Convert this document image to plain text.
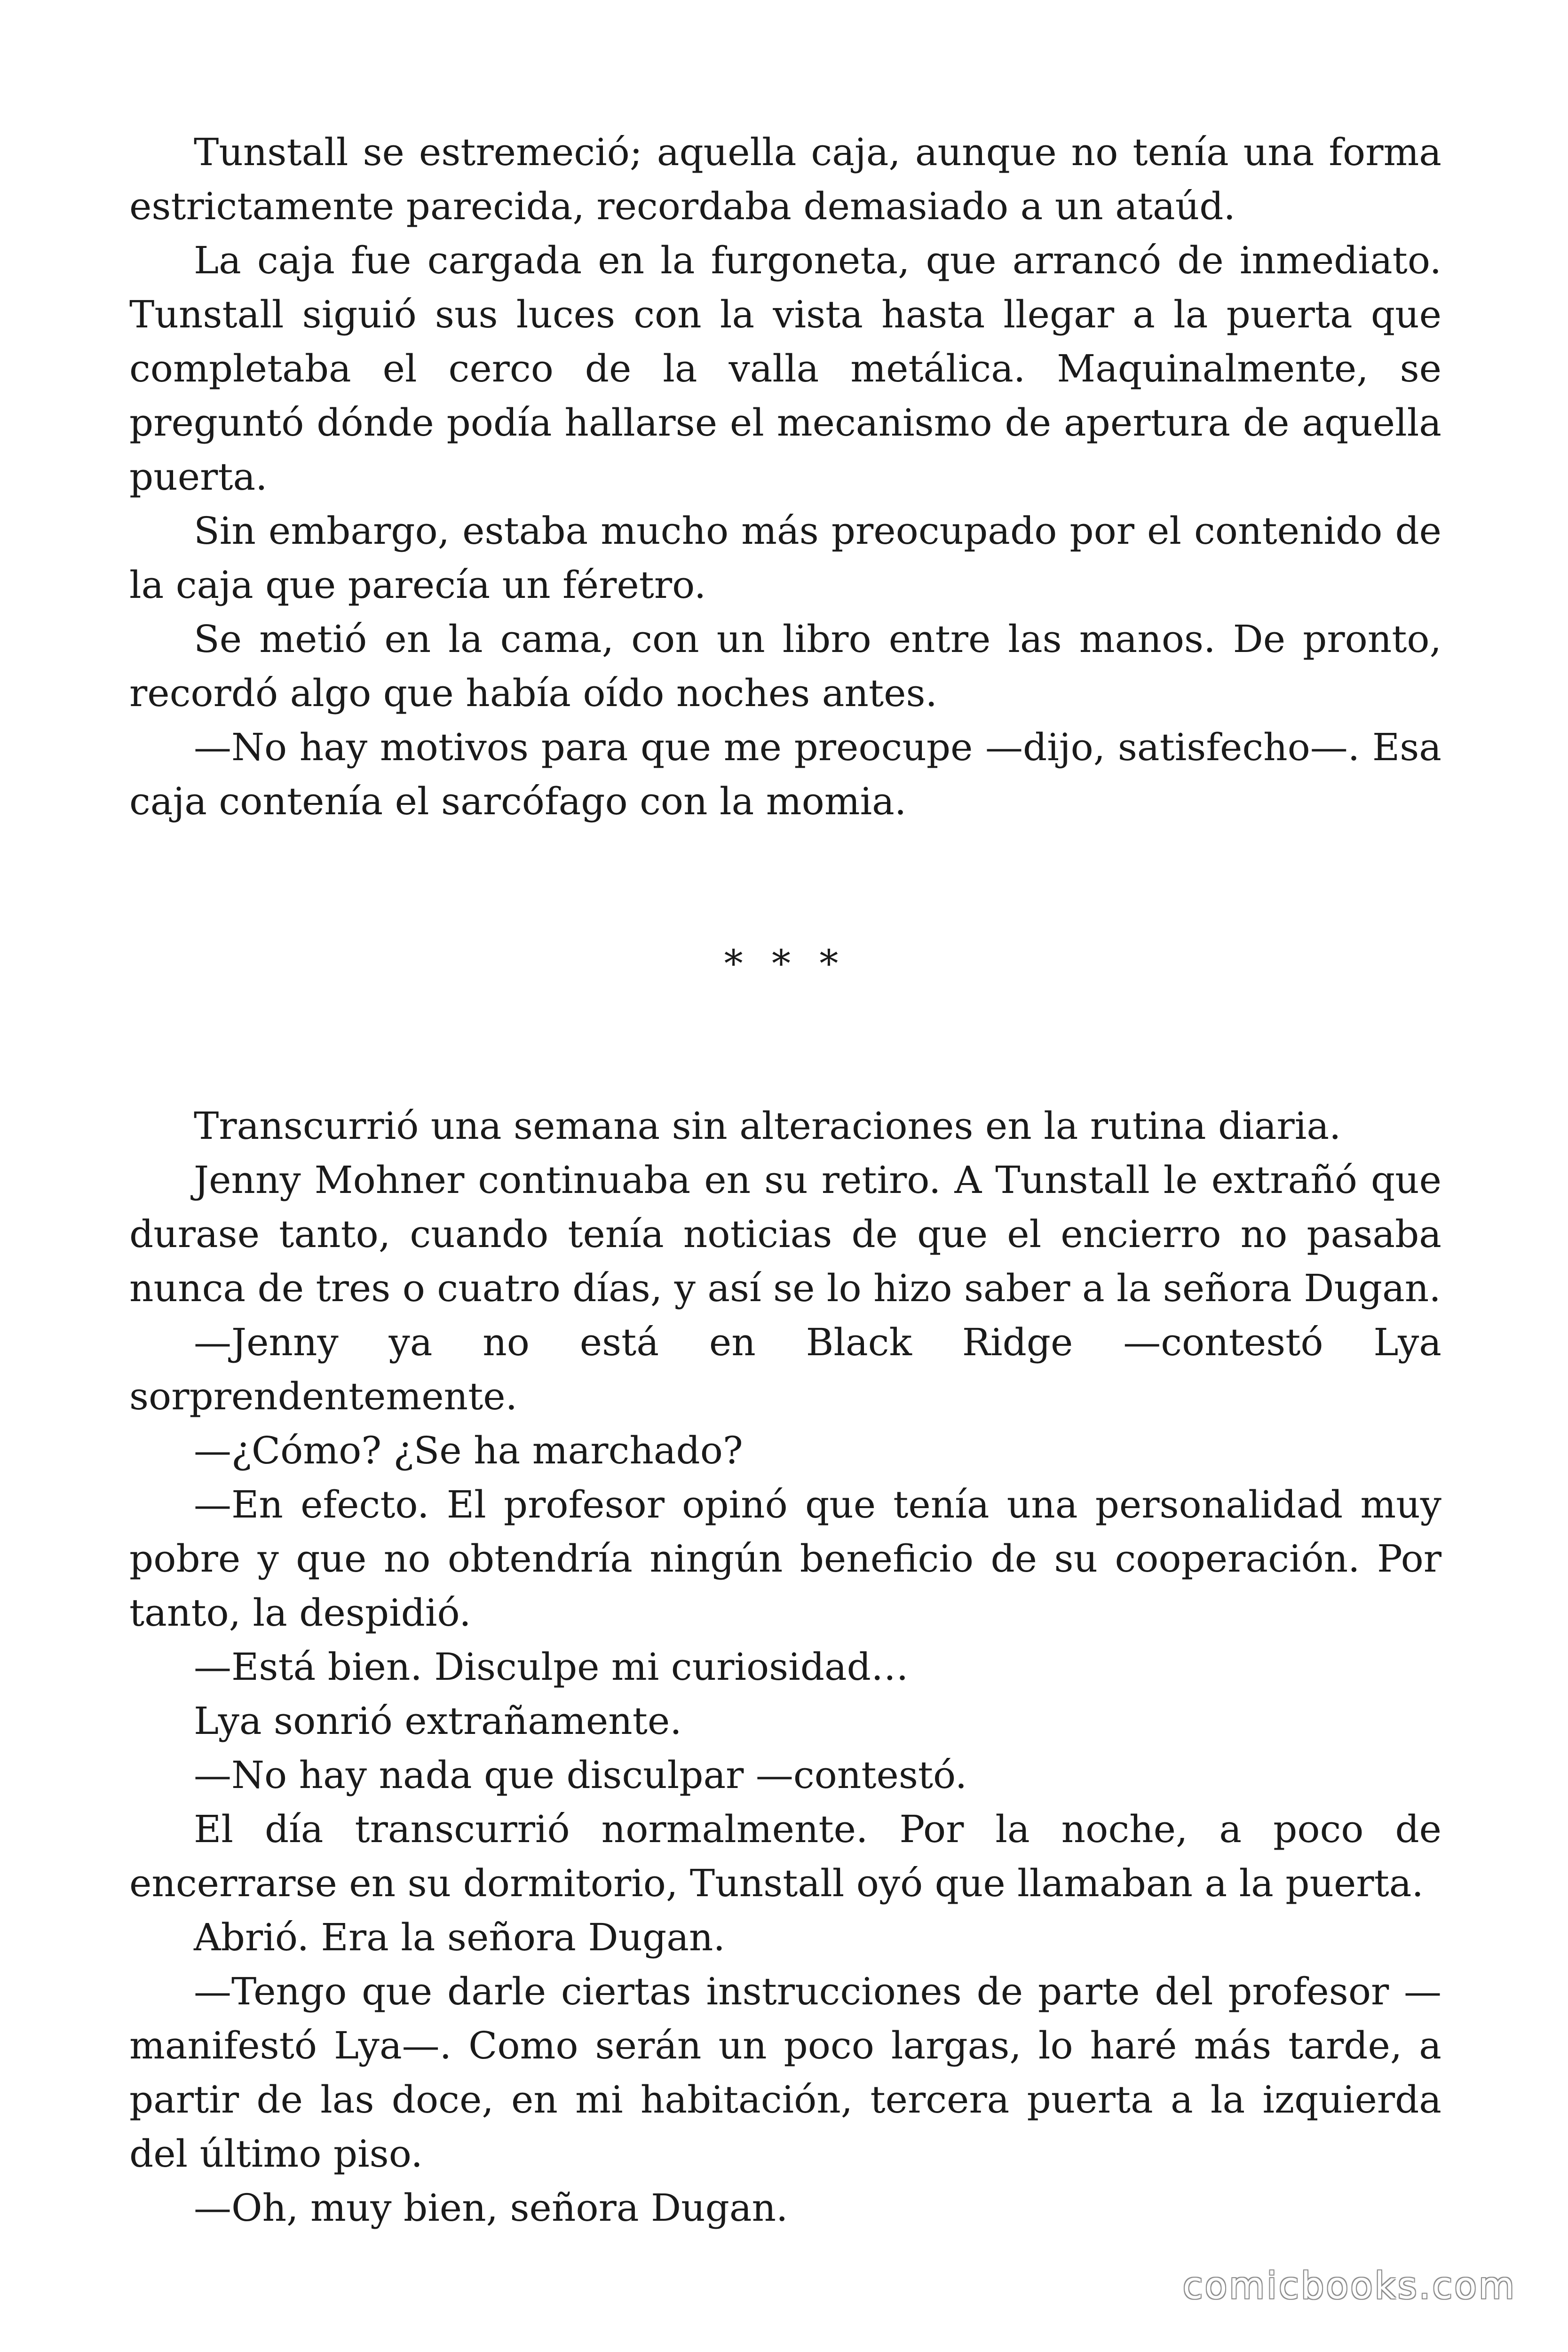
Tunstall se estremeció; aquella caja, aunque no tenía una forma estrictamente parecida, recordaba demasiado a un ataúd.

La caja fue cargada en la furgoneta, que arrancó de inmediato. Tunstall siguió sus luces con la vista hasta llegar a la puerta que completaba el cerco de la valla metálica. Maquinalmente, se preguntó dónde podía hallarse el mecanismo de apertura de aquella puerta.

Sin embargo, estaba mucho más preocupado por el contenido de la caja que parecía un féretro.

Se metió en la cama, con un libro entre las manos. De pronto, recordó algo que había oído noches antes.

—No hay motivos para que me preocupe —dijo, satisfecho—. Esa caja contenía el sarcófago con la momia.

* * *

Transcurrió una semana sin alteraciones en la rutina diaria.

Jenny Mohner continuaba en su retiro. A Tunstall le extrañó que durase tanto, cuando tenía noticias de que el encierro no pasaba nunca de tres o cuatro días, y así se lo hizo saber a la señora Dugan.

—Jenny ya no está en Black Ridge —contestó Lya sorprendentemente.

—¿Cómo? ¿Se ha marchado?

—En efecto. El profesor opinó que tenía una personalidad muy pobre y que no obtendría ningún beneficio de su cooperación. Por tanto, la despidió.

—Está bien. Disculpe mi curiosidad…

Lya sonrió extrañamente.

—No hay nada que disculpar —contestó.

El día transcurrió normalmente. Por la noche, a poco de encerrarse en su dormitorio, Tunstall oyó que llamaban a la puerta.

Abrió. Era la señora Dugan.

—Tengo que darle ciertas instrucciones de parte del profesor —manifestó Lya—. Como serán un poco largas, lo haré más tarde, a partir de las doce, en mi habitación, tercera puerta a la izquierda del último piso.

—Oh, muy bien, señora Dugan.

comicbooks.com
